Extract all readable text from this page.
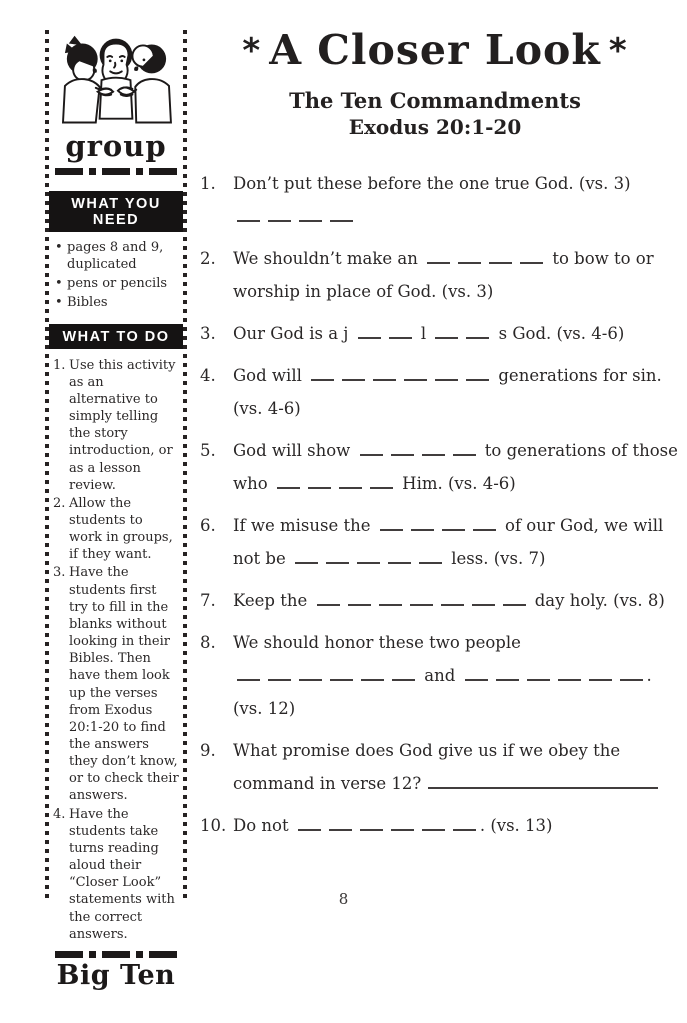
group
WHAT YOU NEED
• pages 8 and 9, duplicated
• pens or pencils
• Bibles
WHAT TO DO
1. Use this activity as an alternative to simply telling the story introduction, or as a lesson review.
2. Allow the students to work in groups, if they want.
3. Have the students first try to fill in the blanks without looking in their Bibles. Then have them look up the verses from Exodus 20:1-20 to find the answers they don’t know, or to check their answers.
4. Have the students take turns reading aloud their “Closer Look” statements with the correct answers.
Big Ten
* A Closer Look *
The Ten Commandments
Exodus 20:1-20
1.	Don’t put these before the one true God. (vs. 3)
2.	We shouldn’t make an	to bow to or
worship in place of God. (vs. 3)
3.	Our God is a j	l	s God. (vs. 4-6)
4.	God will	generations for sin.
(vs. 4-6)
5.	God will show	to generations of those
who	Him. (vs. 4-6)
6.	If we misuse the	of our God, we will
not be	less. (vs. 7)
7.	Keep the	day holy. (vs. 8)
8.	We should honor these two people
and	.
(vs. 12)
9.	What promise does God give us if we obey the
command in verse 12?
10. Do not	. (vs. 13)
8
